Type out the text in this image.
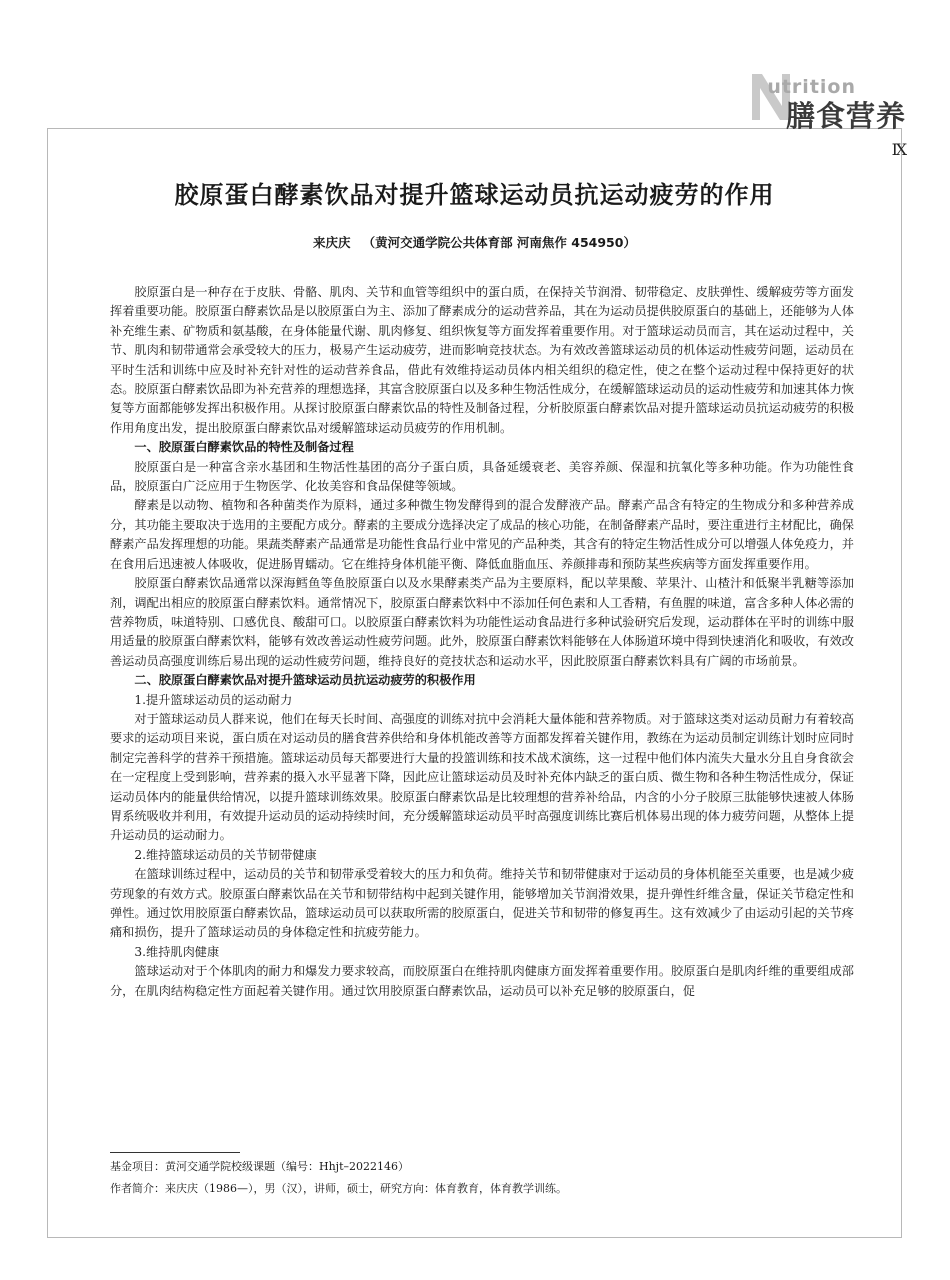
utrition
膳食营养
Ⅸ
胶原蛋白酵素饮品对提升篮球运动员抗运动疲劳的作用
来庆庆 （黄河交通学院公共体育部 河南焦作 454950）

胶原蛋白是一种存在于皮肤、骨骼、肌肉、关节和血管等组织中的蛋白质，在保持关节润滑、韧带稳定、皮肤弹性、缓解疲劳等方面发挥着重要功能。胶原蛋白酵素饮品是以胶原蛋白为主、添加了酵素成分的运动营养品，其在为运动员提供胶原蛋白的基础上，还能够为人体补充维生素、矿物质和氨基酸，在身体能量代谢、肌肉修复、组织恢复等方面发挥着重要作用。对于篮球运动员而言，其在运动过程中，关节、肌肉和韧带通常会承受较大的压力，极易产生运动疲劳，进而影响竞技状态。为有效改善篮球运动员的机体运动性疲劳问题，运动员在平时生活和训练中应及时补充针对性的运动营养食品，借此有效维持运动员体内相关组织的稳定性，使之在整个运动过程中保持更好的状态。胶原蛋白酵素饮品即为补充营养的理想选择，其富含胶原蛋白以及多种生物活性成分，在缓解篮球运动员的运动性疲劳和加速其体力恢复等方面都能够发挥出积极作用。从探讨胶原蛋白酵素饮品的特性及制备过程，分析胶原蛋白酵素饮品对提升篮球运动员抗运动疲劳的积极作用角度出发，提出胶原蛋白酵素饮品对缓解篮球运动员疲劳的作用机制。

一、胶原蛋白酵素饮品的特性及制备过程

胶原蛋白是一种富含亲水基团和生物活性基团的高分子蛋白质，具备延缓衰老、美容养颜、保湿和抗氧化等多种功能。作为功能性食品，胶原蛋白广泛应用于生物医学、化妆美容和食品保健等领域。

酵素是以动物、植物和各种菌类作为原料，通过多种微生物发酵得到的混合发酵液产品。酵素产品含有特定的生物成分和多种营养成分，其功能主要取决于选用的主要配方成分。酵素的主要成分选择决定了成品的核心功能，在制备酵素产品时，要注重进行主材配比，确保酵素产品发挥理想的功能。果蔬类酵素产品通常是功能性食品行业中常见的产品种类，其含有的特定生物活性成分可以增强人体免疫力，并在食用后迅速被人体吸收，促进肠胃蠕动。它在维持身体机能平衡、降低血脂血压、养颜排毒和预防某些疾病等方面发挥重要作用。

胶原蛋白酵素饮品通常以深海鳕鱼等鱼胶原蛋白以及水果酵素类产品为主要原料，配以苹果酸、苹果汁、山楂汁和低聚半乳糖等添加剂，调配出相应的胶原蛋白酵素饮料。通常情况下，胶原蛋白酵素饮料中不添加任何色素和人工香精，有鱼腥的味道，富含多种人体必需的营养物质，味道特别、口感优良、酸甜可口。以胶原蛋白酵素饮料为功能性运动食品进行多种试验研究后发现，运动群体在平时的训练中服用适量的胶原蛋白酵素饮料，能够有效改善运动性疲劳问题。此外，胶原蛋白酵素饮料能够在人体肠道环境中得到快速消化和吸收，有效改善运动员高强度训练后易出现的运动性疲劳问题，维持良好的竞技状态和运动水平，因此胶原蛋白酵素饮料具有广阔的市场前景。

二、胶原蛋白酵素饮品对提升篮球运动员抗运动疲劳的积极作用
1.提升篮球运动员的运动耐力

对于篮球运动员人群来说，他们在每天长时间、高强度的训练对抗中会消耗大量体能和营养物质。对于篮球这类对运动员耐力有着较高要求的运动项目来说，蛋白质在对运动员的膳食营养供给和身体机能改善等方面都发挥着关键作用，教练在为运动员制定训练计划时应同时制定完善科学的营养干预措施。篮球运动员每天都要进行大量的投篮训练和技术战术演练，这一过程中他们体内流失大量水分且自身食欲会在一定程度上受到影响，营养素的摄入水平显著下降，因此应让篮球运动员及时补充体内缺乏的蛋白质、微生物和各种生物活性成分，保证运动员体内的能量供给情况，以提升篮球训练效果。胶原蛋白酵素饮品是比较理想的营养补给品，内含的小分子胶原三肽能够快速被人体肠胃系统吸收并利用，有效提升运动员的运动持续时间，充分缓解篮球运动员平时高强度训练比赛后机体易出现的体力疲劳问题，从整体上提升运动员的运动耐力。

2.维持篮球运动员的关节韧带健康

在篮球训练过程中，运动员的关节和韧带承受着较大的压力和负荷。维持关节和韧带健康对于运动员的身体机能至关重要，也是减少疲劳现象的有效方式。胶原蛋白酵素饮品在关节和韧带结构中起到关键作用，能够增加关节润滑效果，提升弹性纤维含量，保证关节稳定性和弹性。通过饮用胶原蛋白酵素饮品，篮球运动员可以获取所需的胶原蛋白，促进关节和韧带的修复再生。这有效减少了由运动引起的关节疼痛和损伤，提升了篮球运动员的身体稳定性和抗疲劳能力。

3.维持肌肉健康

篮球运动对于个体肌肉的耐力和爆发力要求较高，而胶原蛋白在维持肌肉健康方面发挥着重要作用。胶原蛋白是肌肉纤维的重要组成部分，在肌肉结构稳定性方面起着关键作用。通过饮用胶原蛋白酵素饮品，运动员可以补充足够的胶原蛋白，促

基金项目：黄河交通学院校级课题（编号：Hhjt–2022146）

作者简介：来庆庆（1986—），男（汉），讲师，硕士，研究方向：体育教育，体育教学训练。
